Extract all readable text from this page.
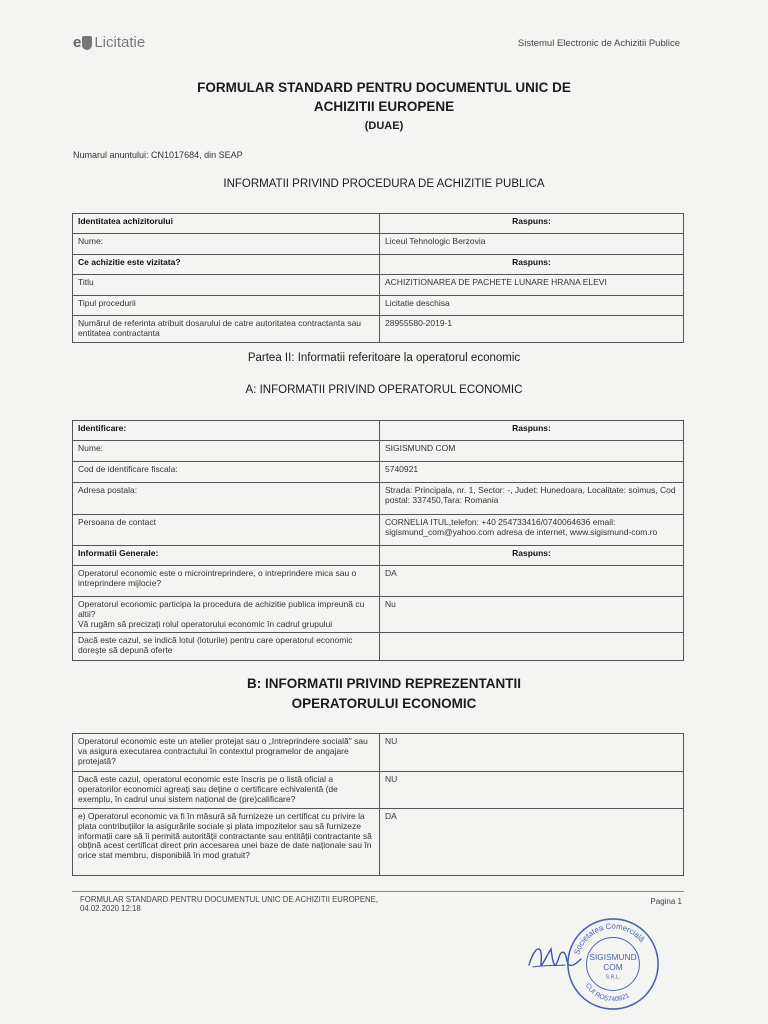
e Licitatie	Sistemul Electronic de Achizitii Publice
FORMULAR STANDARD PENTRU DOCUMENTUL UNIC DE
ACHIZITII EUROPENE
(DUAE)
Numarul anuntului: CN1017684, din SEAP
INFORMATII PRIVIND PROCEDURA DE ACHIZITIE PUBLICA
Identitatea achizitorului	Raspuns:
Nume:	Liceul Tehnologic Berzovia
Ce achizitie este vizitata?	Raspuns:
Titlu	ACHIZITIONAREA DE PACHETE LUNARE HRANA ELEVI
Tipul procedurii	Licitatie deschisa
Numărul de referinta atribuit dosarului de catre autoritatea contractanta sau entitatea contractanta	28955580-2019-1
Partea II: Informatii referitoare la operatorul economic
A: INFORMATII PRIVIND OPERATORUL ECONOMIC
Identificare:	Raspuns:
Nume:	SIGISMUND COM
Cod de identificare fiscala:	5740921
Adresa postala:	Strada: Principala, nr. 1, Sector: -, Judet: Hunedoara, Localitate: soimus, Cod postal: 337450,Tara: Romania
Persoana de contact	CORNELIA ITUL,telefon: +40 254733416/0740064636 email: sigismund_com@yahoo.com adresa de internet, www.sigismund-com.ro
Informatii Generale:	Raspuns:
Operatorul economic este o microintreprindere, o intreprindere mica sau o intreprindere mijlocie?	DA
Operatorul economic participa la procedura de achizitie publica impreună cu altii?
Vă rugăm să precizați rolul operatorului economic în cadrul grupului	Nu
Dacă este cazul, se indică lotul (loturile) pentru care operatorul economic doreşte să depună oferte	
B: INFORMATII PRIVIND REPREZENTANTII
OPERATORULUI ECONOMIC
Operatorul economic este un atelier protejat sau o „Intreprindere socială" sau va asigura executarea contractului în contextul programelor de angajare protejată?	NU
Dacă este cazul, operatorul economic este înscris pe o listă oficial a operatorilor economici agreați sau deține o certificare echivalentă (de exemplu, în cadrul unui sistem național de (pre)calificare?	NU
e) Operatorul economic va fi în măsură să furnizeze un certificat cu privire la plata contribuțiilor la asigurările sociale și plata impozitelor sau să furnizeze informații care să îi permită autorității contractante sau entității contractante să obțină acest certificat direct prin accesarea unei baze de date naționale sau în orice stat membru, disponibilă în mod gratuit?	DA
FORMULAR STANDARD PENTRU DOCUMENTUL UNIC DE ACHIZITII EUROPENE, 04.02.2020 12:18
Pagina 1
Societatea Comercială
CUI RO5740921
SIGISMUND
COM
S.R.L.
